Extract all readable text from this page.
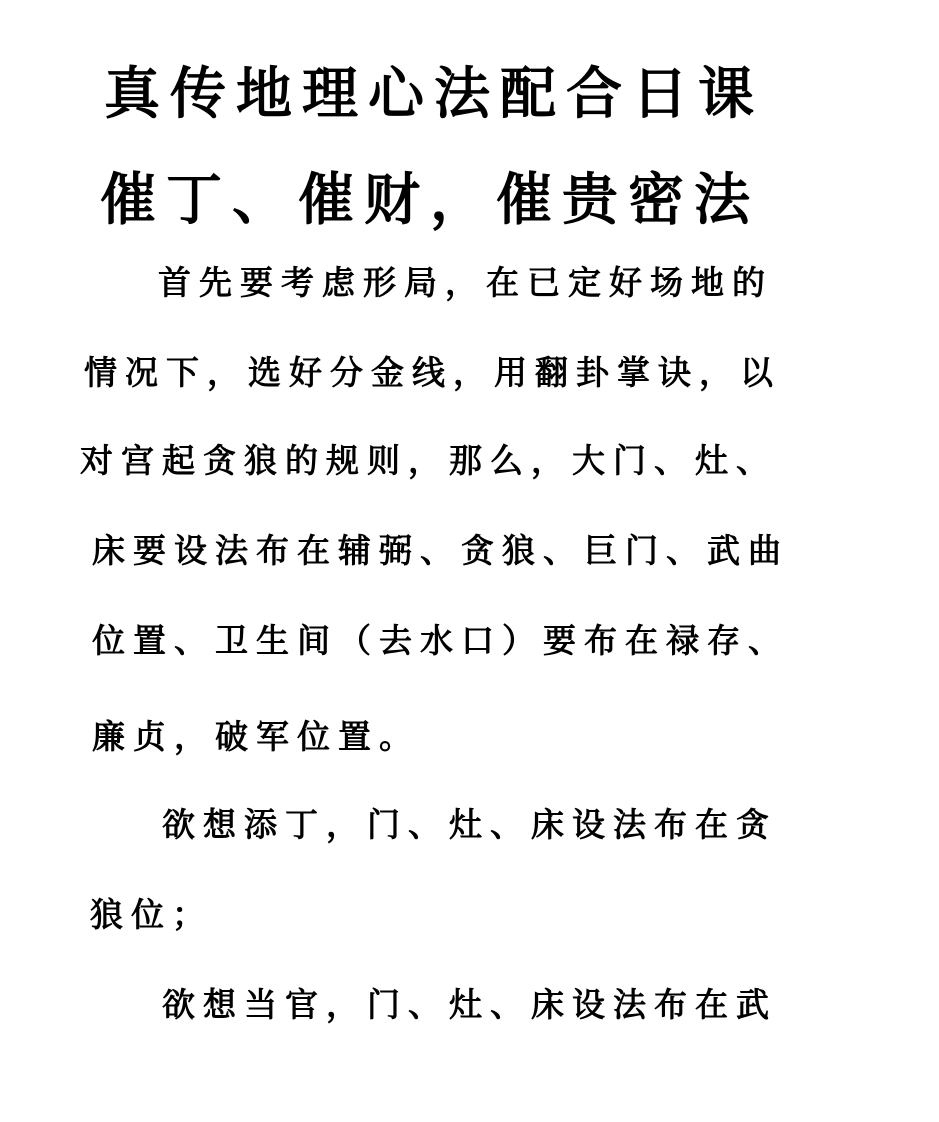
真传地理心法配合日课
催丁、催财，催贵密法
首先要考虑形局，在已定好场地的
情况下，选好分金线，用翻卦掌诀，以
对宫起贪狼的规则，那么，大门、灶、
床要设法布在辅弼、贪狼、巨门、武曲
位置、卫生间（去水口）要布在禄存、
廉贞，破军位置。
欲想添丁，门、灶、床设法布在贪
狼位；
欲想当官，门、灶、床设法布在武
